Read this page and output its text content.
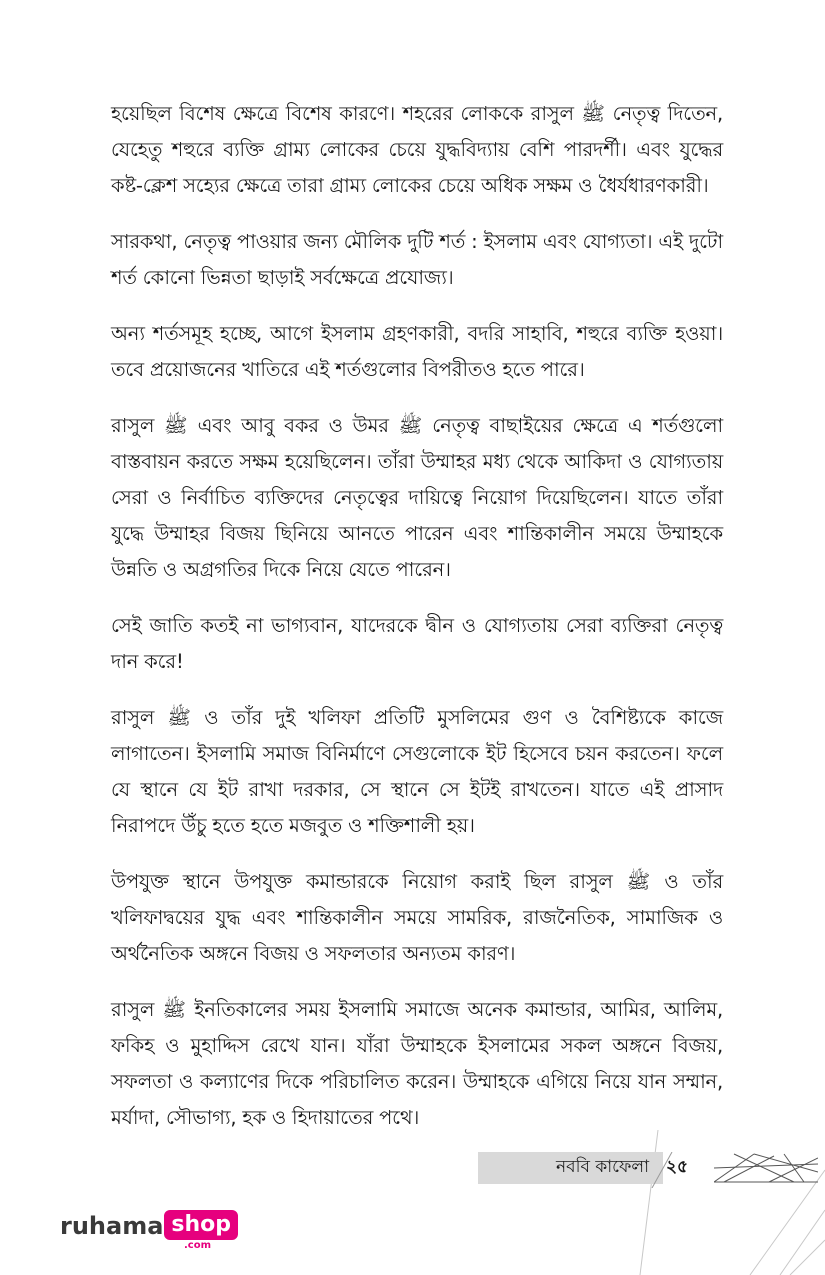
হয়েছিল বিশেষ ক্ষেত্রে বিশেষ কারণে। শহরের লোককে রাসুল ﷺ নেতৃত্ব দিতেন, যেহেতু শহুরে ব্যক্তি গ্রাম্য লোকের চেয়ে যুদ্ধবিদ্যায় বেশি পারদর্শী। এবং যুদ্ধের কষ্ট-ক্লেশ সহ্যের ক্ষেত্রে তারা গ্রাম্য লোকের চেয়ে অধিক সক্ষম ও ধৈর্যধারণকারী।

সারকথা, নেতৃত্ব পাওয়ার জন্য মৌলিক দুটি শর্ত : ইসলাম এবং যোগ্যতা। এই দুটো শর্ত কোনো ভিন্নতা ছাড়াই সর্বক্ষেত্রে প্রযোজ্য।

অন্য শর্তসমূহ হচ্ছে, আগে ইসলাম গ্রহণকারী, বদরি সাহাবি, শহুরে ব্যক্তি হওয়া। তবে প্রয়োজনের খাতিরে এই শর্তগুলোর বিপরীতও হতে পারে।

রাসুল ﷺ এবং আবু বকর ও উমর ﷺ নেতৃত্ব বাছাইয়ের ক্ষেত্রে এ শর্তগুলো বাস্তবায়ন করতে সক্ষম হয়েছিলেন। তাঁরা উম্মাহর মধ্য থেকে আকিদা ও যোগ্যতায় সেরা ও নির্বাচিত ব্যক্তিদের নেতৃত্বের দায়িত্বে নিয়োগ দিয়েছিলেন। যাতে তাঁরা যুদ্ধে উম্মাহর বিজয় ছিনিয়ে আনতে পারেন এবং শান্তিকালীন সময়ে উম্মাহকে উন্নতি ও অগ্রগতির দিকে নিয়ে যেতে পারেন।

সেই জাতি কতই না ভাগ্যবান, যাদেরকে দ্বীন ও যোগ্যতায় সেরা ব্যক্তিরা নেতৃত্ব দান করে!

রাসুল ﷺ ও তাঁর দুই খলিফা প্রতিটি মুসলিমের গুণ ও বৈশিষ্ট্যকে কাজে লাগাতেন। ইসলামি সমাজ বিনির্মাণে সেগুলোকে ইট হিসেবে চয়ন করতেন। ফলে যে স্থানে যে ইট রাখা দরকার, সে স্থানে সে ইটই রাখতেন। যাতে এই প্রাসাদ নিরাপদে উঁচু হতে হতে মজবুত ও শক্তিশালী হয়।

উপযুক্ত স্থানে উপযুক্ত কমান্ডারকে নিয়োগ করাই ছিল রাসুল ﷺ ও তাঁর খলিফাদ্বয়ের যুদ্ধ এবং শান্তিকালীন সময়ে সামরিক, রাজনৈতিক, সামাজিক ও অর্থনৈতিক অঙ্গনে বিজয় ও সফলতার অন্যতম কারণ।

রাসুল ﷺ ইনতিকালের সময় ইসলামি সমাজে অনেক কমান্ডার, আমির, আলিম, ফকিহ ও মুহাদ্দিস রেখে যান। যাঁরা উম্মাহকে ইসলামের সকল অঙ্গনে বিজয়, সফলতা ও কল্যাণের দিকে পরিচালিত করেন। উম্মাহকে এগিয়ে নিয়ে যান সম্মান, মর্যাদা, সৌভাগ্য, হক ও হিদায়াতের পথে।

নববি কাফেলা ২৫
ruhama shop
.com
